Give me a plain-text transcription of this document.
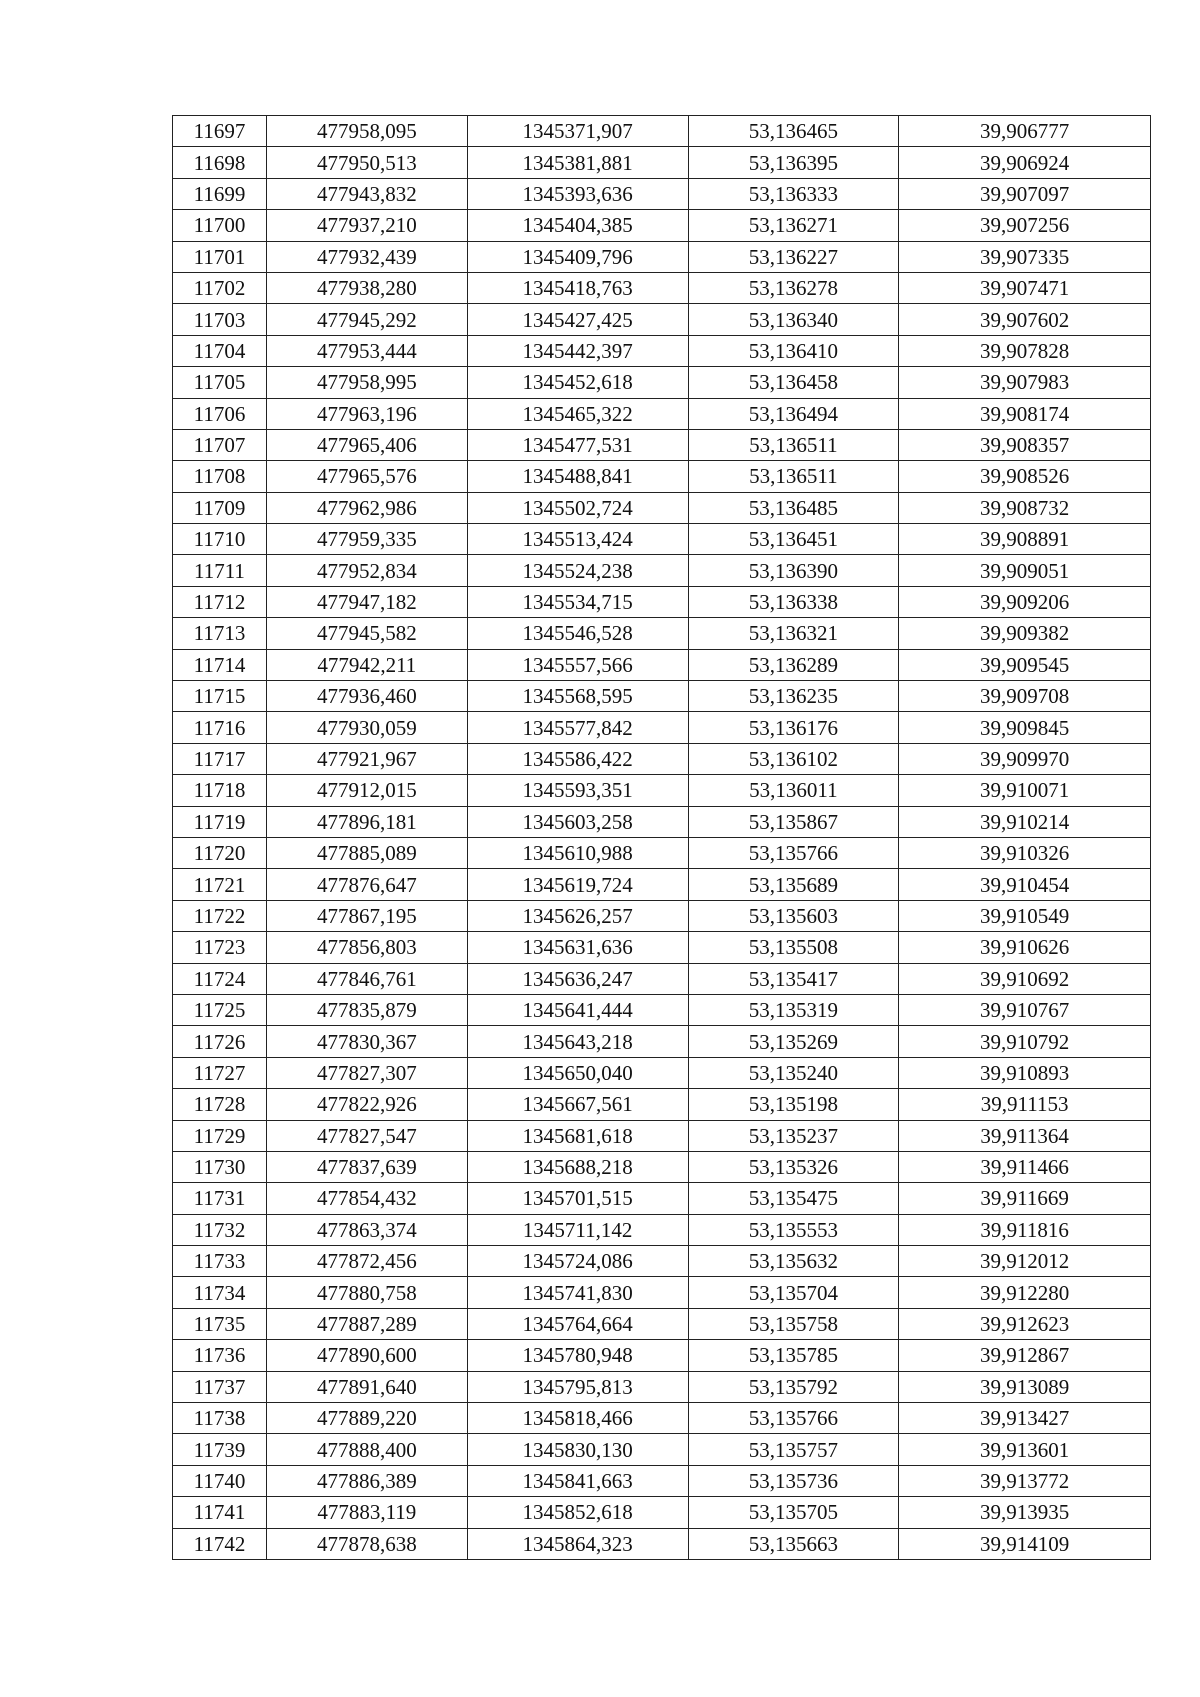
11697	477958,095	1345371,907	53,136465	39,906777
11698	477950,513	1345381,881	53,136395	39,906924
11699	477943,832	1345393,636	53,136333	39,907097
11700	477937,210	1345404,385	53,136271	39,907256
11701	477932,439	1345409,796	53,136227	39,907335
11702	477938,280	1345418,763	53,136278	39,907471
11703	477945,292	1345427,425	53,136340	39,907602
11704	477953,444	1345442,397	53,136410	39,907828
11705	477958,995	1345452,618	53,136458	39,907983
11706	477963,196	1345465,322	53,136494	39,908174
11707	477965,406	1345477,531	53,136511	39,908357
11708	477965,576	1345488,841	53,136511	39,908526
11709	477962,986	1345502,724	53,136485	39,908732
11710	477959,335	1345513,424	53,136451	39,908891
11711	477952,834	1345524,238	53,136390	39,909051
11712	477947,182	1345534,715	53,136338	39,909206
11713	477945,582	1345546,528	53,136321	39,909382
11714	477942,211	1345557,566	53,136289	39,909545
11715	477936,460	1345568,595	53,136235	39,909708
11716	477930,059	1345577,842	53,136176	39,909845
11717	477921,967	1345586,422	53,136102	39,909970
11718	477912,015	1345593,351	53,136011	39,910071
11719	477896,181	1345603,258	53,135867	39,910214
11720	477885,089	1345610,988	53,135766	39,910326
11721	477876,647	1345619,724	53,135689	39,910454
11722	477867,195	1345626,257	53,135603	39,910549
11723	477856,803	1345631,636	53,135508	39,910626
11724	477846,761	1345636,247	53,135417	39,910692
11725	477835,879	1345641,444	53,135319	39,910767
11726	477830,367	1345643,218	53,135269	39,910792
11727	477827,307	1345650,040	53,135240	39,910893
11728	477822,926	1345667,561	53,135198	39,911153
11729	477827,547	1345681,618	53,135237	39,911364
11730	477837,639	1345688,218	53,135326	39,911466
11731	477854,432	1345701,515	53,135475	39,911669
11732	477863,374	1345711,142	53,135553	39,911816
11733	477872,456	1345724,086	53,135632	39,912012
11734	477880,758	1345741,830	53,135704	39,912280
11735	477887,289	1345764,664	53,135758	39,912623
11736	477890,600	1345780,948	53,135785	39,912867
11737	477891,640	1345795,813	53,135792	39,913089
11738	477889,220	1345818,466	53,135766	39,913427
11739	477888,400	1345830,130	53,135757	39,913601
11740	477886,389	1345841,663	53,135736	39,913772
11741	477883,119	1345852,618	53,135705	39,913935
11742	477878,638	1345864,323	53,135663	39,914109
